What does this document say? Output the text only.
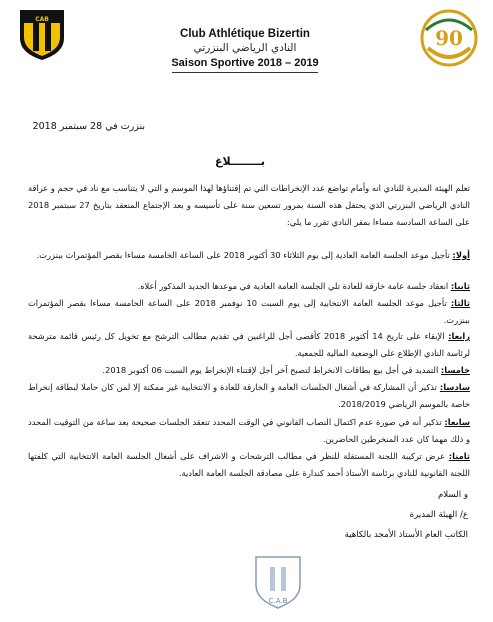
CAB
Club Athlétique Bizertin
النادي الرياضي البنزرتي
Saison Sportive 2018 – 2019
90
بنزرت في 28 سبتمبر 2018
بــــــــلاغ
تعلم الهيئة المديرة للنادي انه وأمام تواضع عدد الإنخراطات التي تم إقتناؤها لهذا الموسم و التي لا يتناسب مع ناد في حجم و عراقة النادي الرياضي البنزرتي الذي يحتفل هذه السنة بمرور تسعين سنة على تأسيسه و بعد الإجتماع المنعقد بتاريخ 27 سبتمبر 2018 على الساعة السادسة مساءا بمقر النادي تقرر ما يلي:
أولا: تأجيل موعد الجلسة العامة العادية إلى يوم الثلاثاء 30 أكتوبر 2018 على الساعة الخامسة مساءا بقصر المؤتمرات ببنزرت.
ثانيا: انعقاد جلسة عامة خارقة للعادة تلي الجلسة العامة العادية في موعدها الجديد المذكور أعلاه.
ثالثا: تأجيل موعد الجلسة العامة الانتخابية إلى يوم السبت 10 نوفمبر 2018 على الساعة الخامسة مساءا بقصر المؤتمرات ببنزرت.
رابعا: الإبقاء على تاريخ 14 أكتوبر 2018 كأقصى أجل للراغبين في تقديم مطالب الترشح مع تخويل كل رئيس قائمة مترشحة لرئاسة النادي الإطلاع على الوضعية المالية للجمعية.
خامسا: التمديد في أجل بيع بطاقات الانخراط لتصبح آخر أجل لإقتناء الإنخراط يوم السبت 06 أكتوبر 2018.
سادسا: تذكير أن المشاركة في أشغال الجلسات العامة و الخارقة للعادة و الانتخابية غير ممكنة إلا لمن كان حاملا لبطاقة إنخراط خاصة بالموسم الرياضي 2018/2019.
سابعا: تذكير أنه في صورة عدم اكتمال النصاب القانوني في الوقت المحدد تنعقد الجلسات صحيحة بعد ساعة من التوقيت المحدد و ذلك مهما كان عدد المنخرطين الحاضرين.
ثامنا: عرض تركيبة اللجنة المستقلة للنظر في مطالب الترشحات و الاشراف على أشغال الجلسة العامة الانتخابية التي كلفتها اللجنة القانونية للنادي برئاسة الأستاذ أحمد كندارة على مصادقة الجلسة العامة العادية.
و السلام
ع/ الهيئة المديرة
الكاتب العام الأستاذ الأمجد بالكاهية
C.A.B
